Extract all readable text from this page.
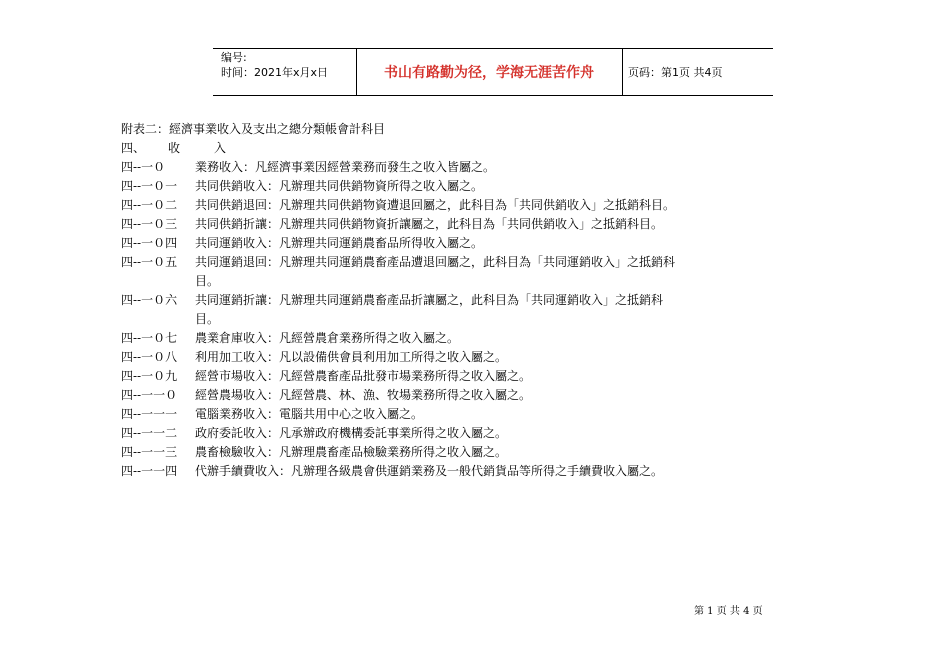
编号:
时间：2021年x月x日	书山有路勤为径，学海无涯苦作舟	页码：第1页 共4页
附表二：經濟事業收入及支出之總分類帳會計科目
四、 收	入
四--一０	業務收入：凡經濟事業因經營業務而發生之收入皆屬之。
四--一０一	共同供銷收入：凡辦理共同供銷物資所得之收入屬之。
四--一０二	共同供銷退回：凡辦理共同供銷物資遭退回屬之，此科目為「共同供銷收入」之抵銷科目。
四--一０三	共同供銷折讓：凡辦理共同供銷物資折讓屬之，此科目為「共同供銷收入」之抵銷科目。
四--一０四	共同運銷收入：凡辦理共同運銷農畜品所得收入屬之。
四--一０五	共同運銷退回：凡辦理共同運銷農畜產品遭退回屬之，此科目為「共同運銷收入」之抵銷科目。
四--一０六	共同運銷折讓：凡辦理共同運銷農畜產品折讓屬之，此科目為「共同運銷收入」之抵銷科目。
四--一０七	農業倉庫收入：凡經營農倉業務所得之收入屬之。
四--一０八	利用加工收入：凡以設備供會員利用加工所得之收入屬之。
四--一０九	經營市場收入：凡經營農畜產品批發市場業務所得之收入屬之。
四--一一０	經營農場收入：凡經營農、林、漁、牧場業務所得之收入屬之。
四--一一一	電腦業務收入：電腦共用中心之收入屬之。
四--一一二	政府委託收入：凡承辦政府機構委託事業所得之收入屬之。
四--一一三	農畜檢驗收入：凡辦理農畜產品檢驗業務所得之收入屬之。
四--一一四	代辦手續費收入：凡辦理各級農會供運銷業務及一般代銷貨品等所得之手續費收入屬之。
第 1 页 共 4 页
